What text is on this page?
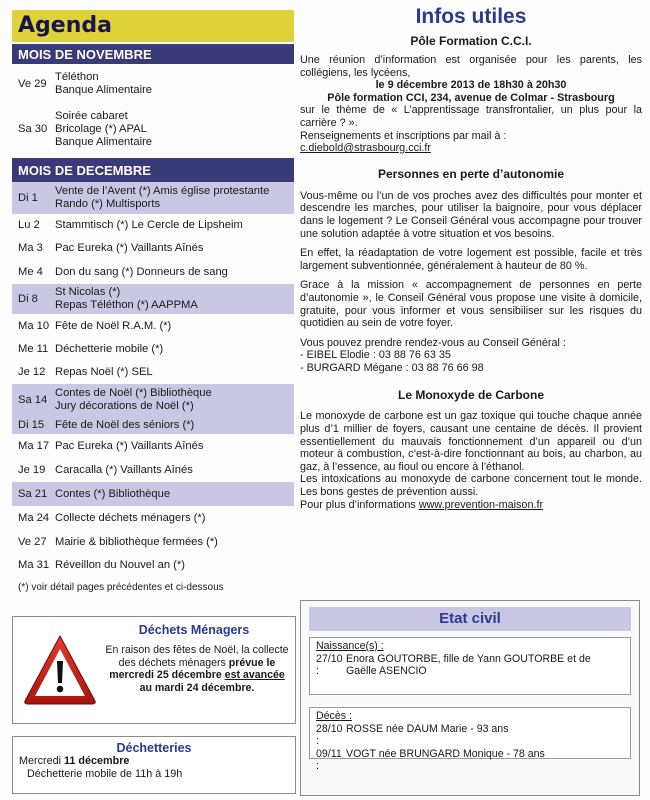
Agenda
MOIS DE NOVEMBRE
Ve 29
Téléthon
Banque Alimentaire
Sa 30
Soirée cabaret
Bricolage (*) APAL
Banque Alimentaire
MOIS DE DECEMBRE
Di 1
Vente de l’Avent (*) Amis église protestante
Rando (*) Multisports
Lu 2	Stammtisch (*) Le Cercle de Lipsheim
Ma 3	Pac Eureka (*) Vaillants Aînés
Me 4	Don du sang (*) Donneurs de sang
Di 8
St Nicolas (*)
Repas Téléthon (*) AAPPMA
Ma 10 Fête de Noël R.A.M. (*)
Me 11 Déchetterie mobile (*)
Je 12 Repas Noël (*) SEL
Sa 14
Contes de Noël (*) Bibliothèque
Jury décorations de Noël (*)
Di 15 Fête de Noël des séniors (*)
Ma 17 Pac Eureka (*) Vaillants Aînés
Je 19 Caracalla (*) Vaillants Aînés
Sa 21 Contes (*) Bibliothèque
Ma 24 Collecte déchets ménagers (*)
Ve 27 Mairie & bibliothèque fermées (*)
Ma 31 Réveillon du Nouvel an (*)
(*) voir détail pages précédentes et ci-dessous
Déchets Ménagers
En raison des fêtes de Noël, la collecte des déchets ménagers prévue le mercredi 25 décembre est avancée au mardi 24 décembre.
Déchetteries
Mercredi 11 décembre
Déchetterie mobile de 11h à 19h
Infos utiles
Pôle Formation C.C.I.
Une réunion d’information est organisée pour les parents, les collégiens, les lycéens,
le 9 décembre 2013 de 18h30 à 20h30
Pôle formation CCI, 234, avenue de Colmar - Strasbourg
sur le thème de « L’apprentissage transfrontalier, un plus pour la carrière ? ».
Renseignements et inscriptions par mail à :
c.diebold@strasbourg.cci.fr
Personnes en perte d’autonomie
Vous-même ou l’un de vos proches avez des difficultés pour monter et descendre les marches, pour utiliser la baignoire, pour vous déplacer dans le logement ? Le Conseil Général vous accompagne pour trouver une solution adaptée à votre situation et vos besoins.
En effet, la réadaptation de votre logement est possible, facile et très largement subventionnée, généralement à hauteur de 80 %.
Grace à la mission « accompagnement de personnes en perte d’autonomie », le Conseil Général vous propose une visite à domicile, gratuite, pour vous informer et vous sensibiliser sur les risques du quotidien au sein de votre foyer.
Vous pouvez prendre rendez-vous au Conseil Général :
- EIBEL Elodie : 03 88 76 63 35
- BURGARD Mégane : 03 88 76 66 98
Le Monoxyde de Carbone
Le monoxyde de carbone est un gaz toxique qui touche chaque année plus d’1 millier de foyers, causant une centaine de décès. Il provient essentiellement du mauvais fonctionnement d’un appareil ou d’un moteur à combustion, c’est-à-dire fonctionnant au bois, au charbon, au gaz, à l’essence, au fioul ou encore à l’éthanol.
Les intoxications au monoxyde de carbone concernent tout le monde. Les bons gestes de prévention aussi.
Pour plus d’informations www.prevention-maison.fr
Etat civil
Naissance(s) :
27/10 :
Enora GOUTORBE, fille de Yann GOUTORBE et de Gaëlle ASENCIO
Décès :
28/10 :
ROSSE née DAUM Marie - 93 ans
09/11 :
VOGT née BRUNGARD Monique - 78 ans
